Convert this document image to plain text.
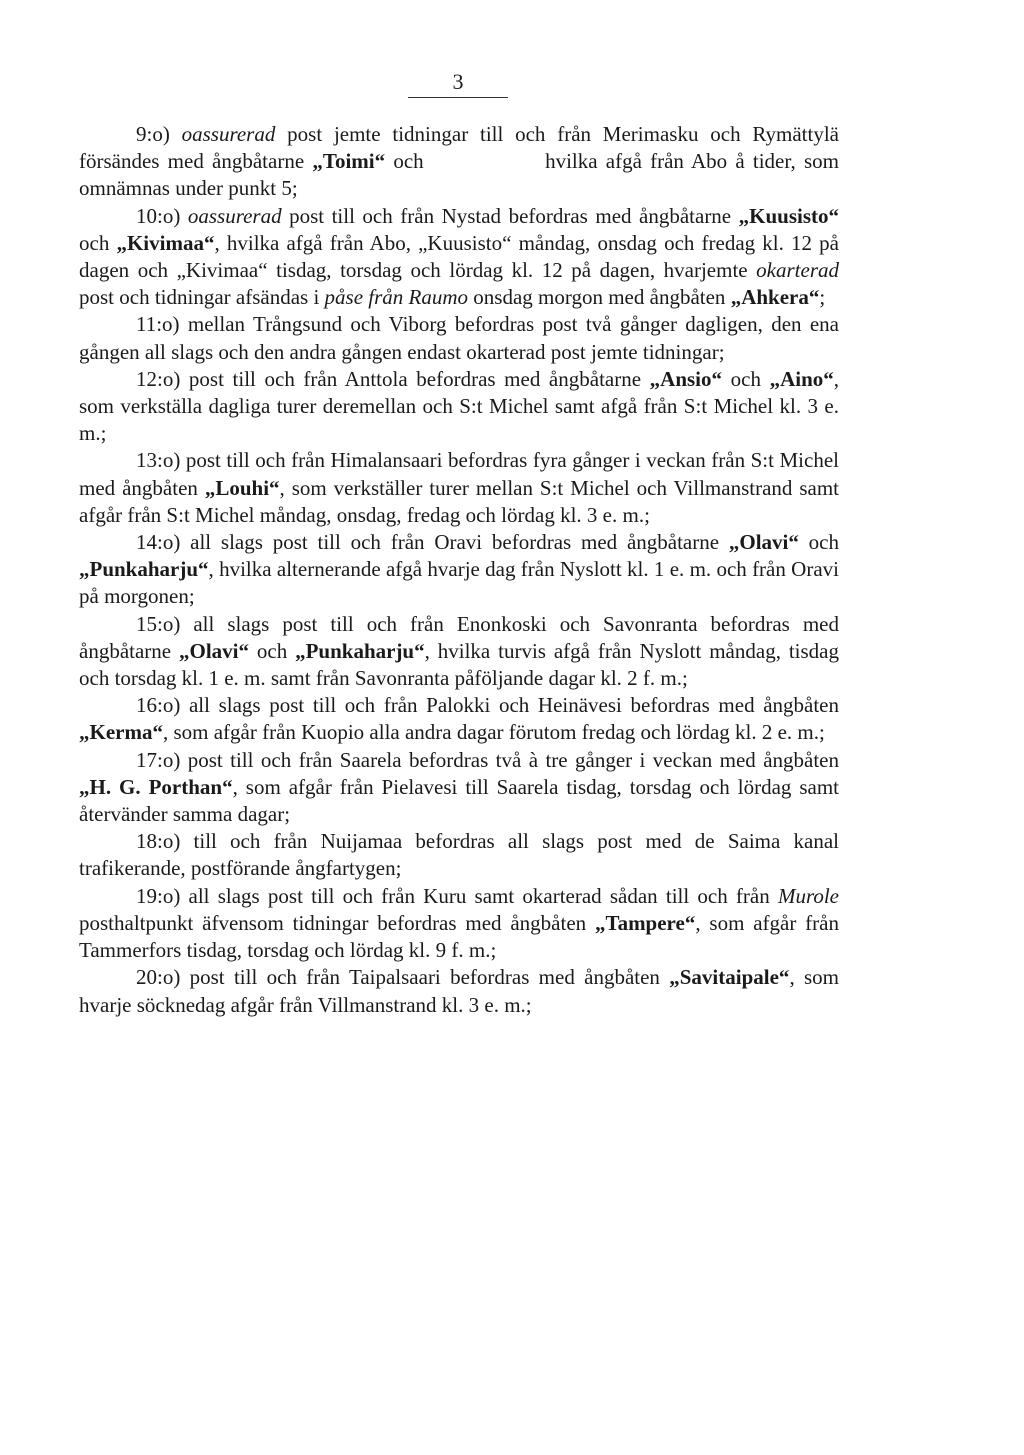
3

9:o) oassurerad post jemte tidningar till och från Merimasku och Rymättylä försändes med ångbåtarne „Toimi“ och	hvilka afgå från Abo å tider, som omnämnas under punkt 5;

10:o) oassurerad post till och från Nystad befordras med ångbåtarne „Kuusisto“ och „Kivimaa“, hvilka afgå från Abo, „Kuusisto“ måndag, onsdag och fredag kl. 12 på dagen och „Kivimaa“ tisdag, torsdag och lördag kl. 12 på dagen, hvarjemte okarterad post och tidningar afsändas i påse från Raumo onsdag morgon med ångbåten „Ahkera“;

11:o) mellan Trångsund och Viborg befordras post två gånger dagligen, den ena gången all slags och den andra gången endast okarterad post jemte tidningar;

12:o) post till och från Anttola befordras med ångbåtarne „Ansio“ och „Aino“, som verkställa dagliga turer deremellan och S:t Michel samt afgå från S:t Michel kl. 3 e. m.;

13:o) post till och från Himalansaari befordras fyra gånger i veckan från S:t Michel med ångbåten „Louhi“, som verkställer turer mellan S:t Michel och Villmanstrand samt afgår från S:t Michel måndag, onsdag, fredag och lördag kl. 3 e. m.;

14:o) all slags post till och från Oravi befordras med ångbåtarne „Olavi“ och „Punkaharju“, hvilka alternerande afgå hvarje dag från Nyslott kl. 1 e. m. och från Oravi på morgonen;

15:o) all slags post till och från Enonkoski och Savonranta befordras med ångbåtarne „Olavi“ och „Punkaharju“, hvilka turvis afgå från Nyslott måndag, tisdag och torsdag kl. 1 e. m. samt från Savonranta påföljande dagar kl. 2 f. m.;

16:o) all slags post till och från Palokki och Heinävesi befordras med ångbåten „Kerma“, som afgår från Kuopio alla andra dagar förutom fredag och lördag kl. 2 e. m.;

17:o) post till och från Saarela befordras två à tre gånger i veckan med ångbåten „H. G. Porthan“, som afgår från Pielavesi till Saarela tisdag, torsdag och lördag samt återvänder samma dagar;

18:o) till och från Nuijamaa befordras all slags post med de Saima kanal trafikerande, postförande ångfartygen;

19:o) all slags post till och från Kuru samt okarterad sådan till och från Murole posthaltpunkt äfvensom tidningar befordras med ångbåten „Tampere“, som afgår från Tammerfors tisdag, torsdag och lördag kl. 9 f. m.;

20:o) post till och från Taipalsaari befordras med ångbåten „Savitaipale“, som hvarje söcknedag afgår från Villmanstrand kl. 3 e. m.;
